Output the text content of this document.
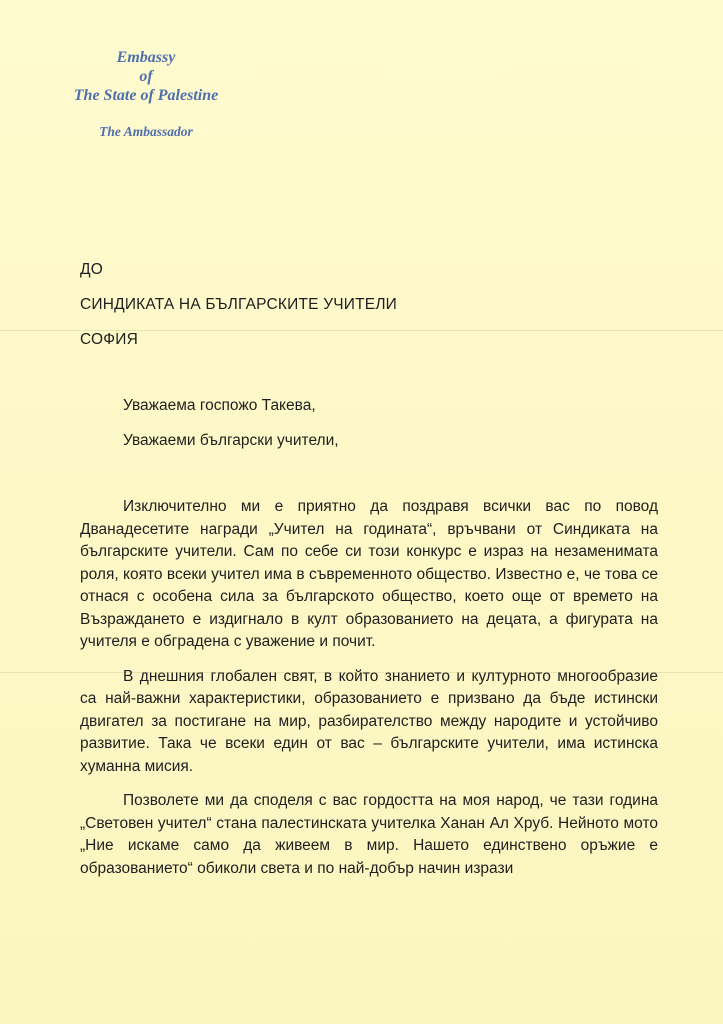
Embassy
of
The State of Palestine
The Ambassador
ДО
СИНДИКАТА НА БЪЛГАРСКИТЕ УЧИТЕЛИ
СОФИЯ
Уважаема госпожо Такева,
Уважаеми български учители,

Изключително ми е приятно да поздравя всички вас по повод Дванадесетите награди „Учител на годината“, връчвани от Синдиката на българските учители. Сам по себе си този конкурс е израз на незаменимата роля, която всеки учител има в съвременното общество. Известно е, че това се отнася с особена сила за българското общество, което още от времето на Възраждането е издигнало в култ образованието на децата, а фигурата на учителя е обградена с уважение и почит.

В днешния глобален свят, в който знанието и културното многообразие са най-важни характеристики, образованието е призвано да бъде истински двигател за постигане на мир, разбирателство между народите и устойчиво развитие. Така че всеки един от вас – българските учители, има истинска хуманна мисия.

Позволете ми да споделя с вас гордостта на моя народ, че тази година „Световен учител“ стана палестинската учителка Ханан Ал Хруб. Нейното мото „Ние искаме само да живеем в мир. Нашето единствено оръжие е образованието“ обиколи света и по най-добър начин изрази
